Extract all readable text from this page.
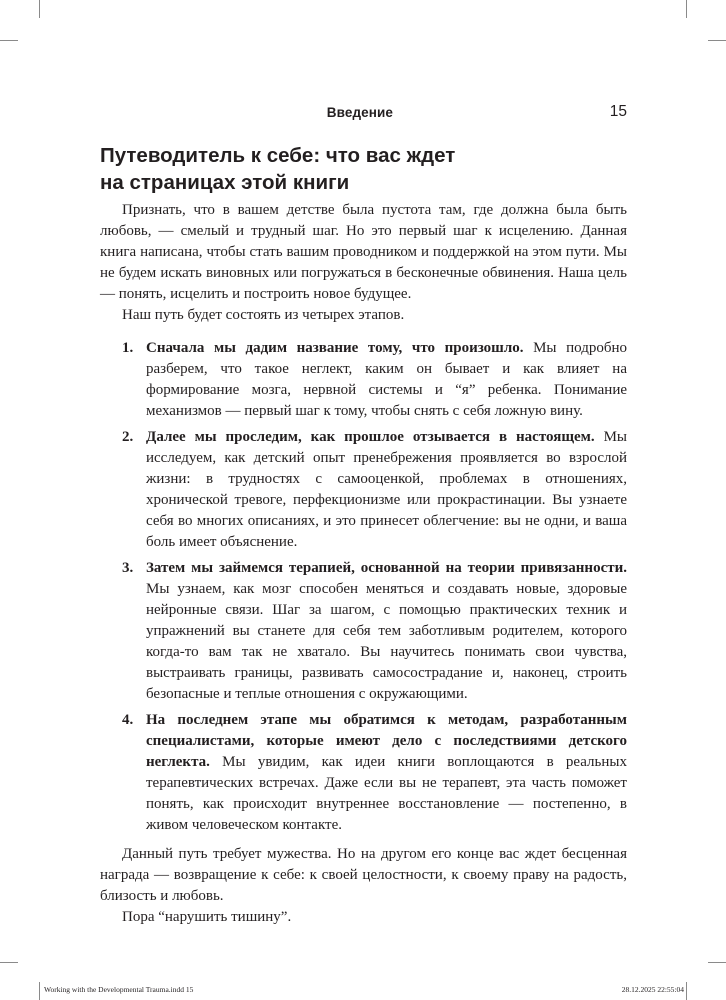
Введение	15
Путеводитель к себе: что вас ждет
на страницах этой книги

Признать, что в вашем детстве была пустота там, где должна была быть любовь, — смелый и трудный шаг. Но это первый шаг к исцелению. Данная книга написана, чтобы стать вашим проводником и поддержкой на этом пути. Мы не будем искать виновных или погружаться в бесконечные обвинения. Наша цель — понять, исцелить и построить новое будущее.

Наш путь будет состоять из четырех этапов.

1. Сначала мы дадим название тому, что произошло. Мы подробно разберем, что такое неглект, каким он бывает и как влияет на формирование мозга, нервной системы и “я” ребенка. Понимание механизмов — первый шаг к тому, чтобы снять с себя ложную вину.
2. Далее мы проследим, как прошлое отзывается в настоящем. Мы исследуем, как детский опыт пренебрежения проявляется во взрослой жизни: в трудностях с самооценкой, проблемах в отношениях, хронической тревоге, перфекционизме или прокрастинации. Вы узнаете себя во многих описаниях, и это принесет облегчение: вы не одни, и ваша боль имеет объяснение.
3. Затем мы займемся терапией, основанной на теории привязанности. Мы узнаем, как мозг способен меняться и создавать новые, здоровые нейронные связи. Шаг за шагом, с помощью практических техник и упражнений вы станете для себя тем заботливым родителем, которого когда-то вам так не хватало. Вы научитесь понимать свои чувства, выстраивать границы, развивать самосострадание и, наконец, строить безопасные и теплые отношения с окружающими.
4. На последнем этапе мы обратимся к методам, разработанным специалистами, которые имеют дело с последствиями детского неглекта. Мы увидим, как идеи книги воплощаются в реальных терапевтических встречах. Даже если вы не терапевт, эта часть поможет понять, как происходит внутреннее восстановление — постепенно, в живом человеческом контакте.

Данный путь требует мужества. Но на другом его конце вас ждет бесценная награда — возвращение к себе: к своей целостности, к своему праву на радость, близость и любовь.

Пора “нарушить тишину”.

Working with the Developmental Trauma.indd 15	28.12.2025 22:55:04
